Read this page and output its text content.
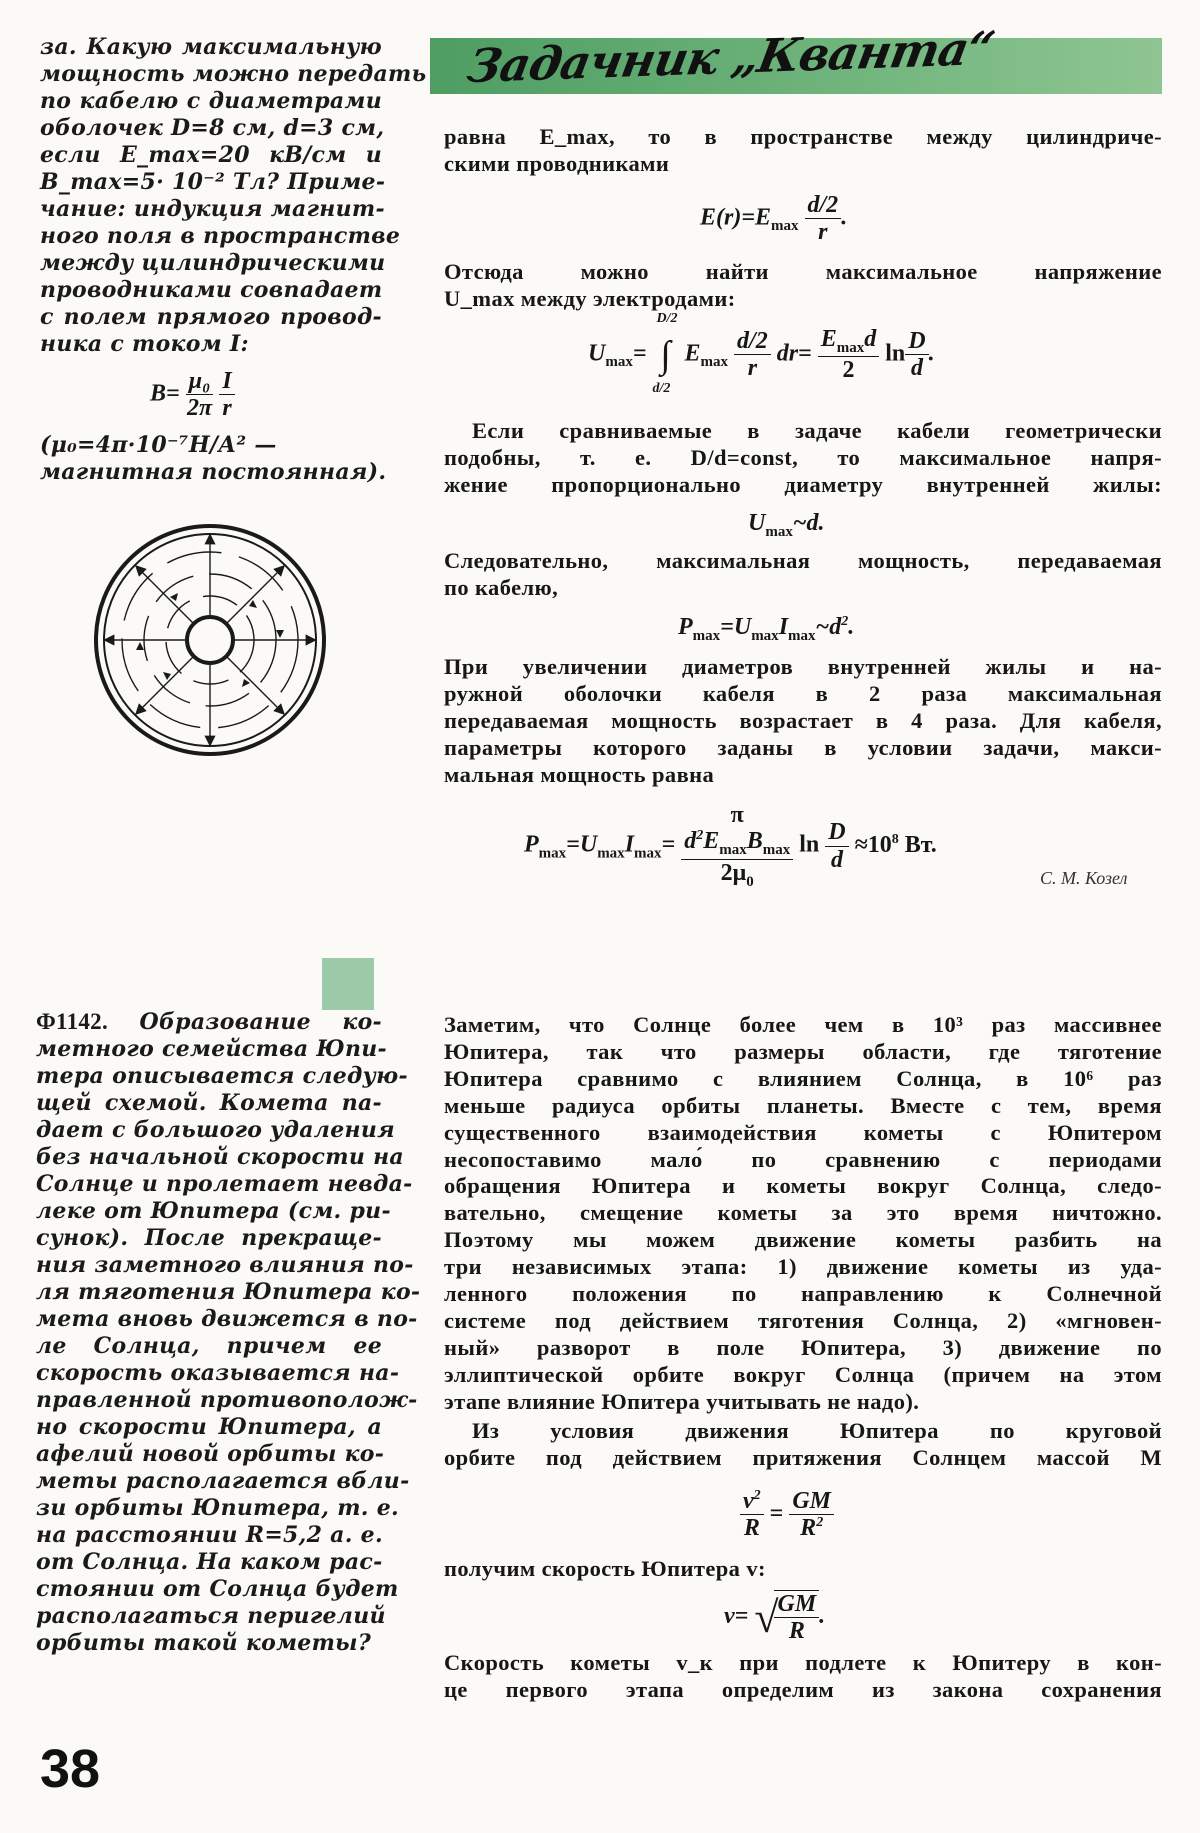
Задачник „Кванта“
за. Какую максимальную
мощность можно передать
по кабелю с диаметрами
оболочек D=8 см, d=3 см,
если E_max=20 кВ/см и
B_max=5· 10⁻² Тл? Приме-
чание: индукция магнит-
ного поля в пространстве
между цилиндрическими
проводниками совпадает
с полем прямого провод-
ника с током I:
$B= \frac{\text{μ₀}}{2\pi}$
$\frac{I}{r}$
(μ₀=4π·10⁻⁷Н/А² —
магнитная постоянная).
равна E_max, то в пространстве между цилиндриче-
скими проводниками
$E(r)=E_{max} \frac{d/2}{r}$ .
Отсюда можно найти максимальное напряжение
U_max между электродами:
$U_{max}=$ ∫
D/2
d/2
$E_{max} \frac{d/2}{r} dr= \frac{E_{max}d}{2}$ $\ln \frac{D}{d}$ .
Если сравниваемые в задаче кабели геометрически
подобны, т. е. D/d=const, то максимальное напря-
жение пропорционально диаметру внутренней жилы:
$U_{max}\sim d$.
Следовательно, максимальная мощность, передаваемая
по кабелю,
$P_{max}=U_{max}I_{max}\sim d^2$.
При увеличении диаметров внутренней жилы и на-
ружной оболочки кабеля в 2 раза максимальная
передаваемая мощность возрастает в 4 раза. Для кабеля,
параметры которого заданы в условии задачи, макси-
мальная мощность равна
$P_{max}=U_{max}I_{max}= \pi$
$d^2E_{max}B_{max}$
$2\mu_0$ $\ln \frac{D}{d} \approx 10^8$ Вт.
С. М. Козел
Ф1142. Образование ко-
метного семейства Юпи-
тера описывается следую-
щей схемой. Комета па-
дает с большого удаления
без начальной скорости на
Солнце и пролетает невда-
леке от Юпитера (см. ри-
сунок). После прекраще-
ния заметного влияния по-
ля тяготения Юпитера ко-
мета вновь движется в по-
ле Солнца, причем ее
скорость оказывается на-
правленной противополож-
но скорости Юпитера, а
афелий новой орбиты ко-
меты располагается вбли-
зи орбиты Юпитера, т. е.
на расстоянии R=5,2 а. е.
от Солнца. На каком рас-
стоянии от Солнца будет
располагаться перигелий
орбиты такой кометы?
Заметим, что Солнце более чем в 10³ раз массивнее
Юпитера, так что размеры области, где тяготение
Юпитера сравнимо с влиянием Солнца, в 10⁶ раз
меньше радиуса орбиты планеты. Вместе с тем, время
существенного взаимодействия кометы с Юпитером
несопоставимо мало́ по сравнению с периодами
обращения Юпитера и кометы вокруг Солнца, следо-
вательно, смещение кометы за это время ничтожно.
Поэтому мы можем движение кометы разбить на
три независимых этапа: 1) движение кометы из уда-
ленного положения по направлению к Солнечной
системе под действием тяготения Солнца, 2) «мгновен-
ный» разворот в поле Юпитера, 3) движение по
эллиптической орбите вокруг Солнца (причем на этом
этапе влияние Юпитера учитывать не надо).
Из условия движения Юпитера по круговой
орбите под действием притяжения Солнцем массой M
$\frac{v^2}{R} = \frac{GM}{R^2}$
получим скорость Юпитера v:
v= √
$\frac{GM}{R}$ .
Скорость кометы v_к при подлете к Юпитеру в кон-
це первого этапа определим из закона сохранения
38
